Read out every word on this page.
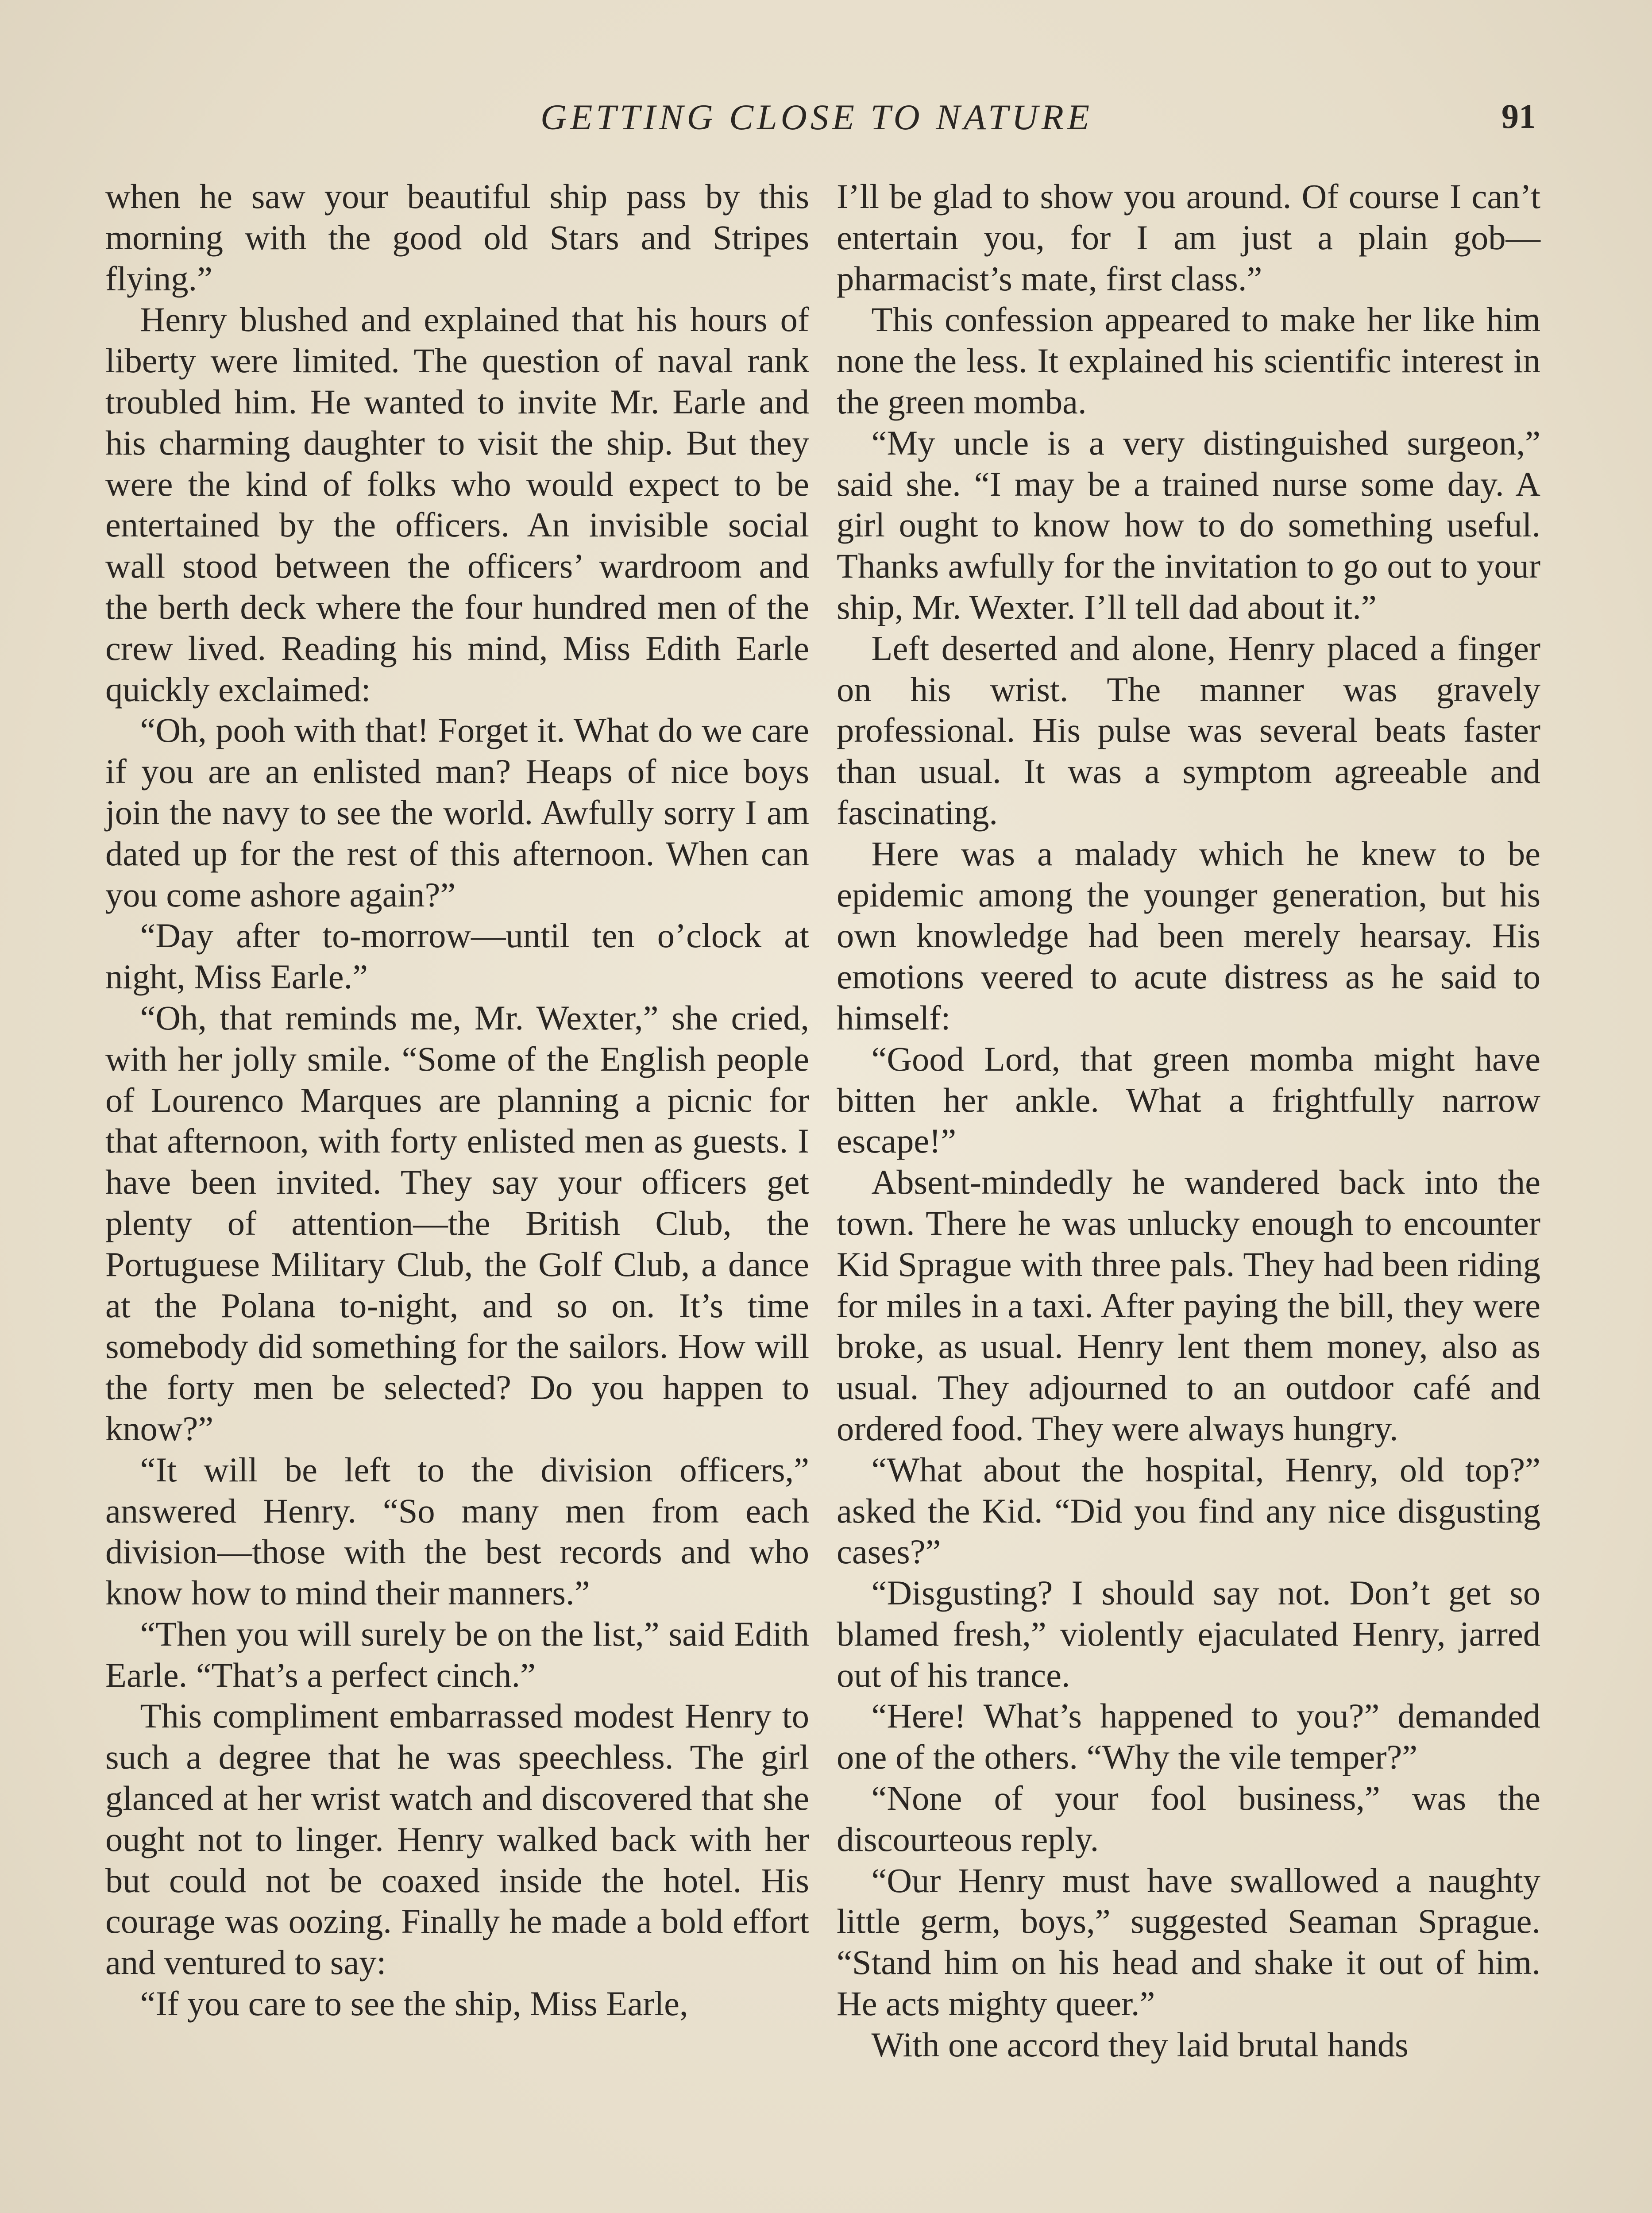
GETTING CLOSE TO NATURE	91

when he saw your beautiful ship pass by this morning with the good old Stars and Stripes flying.”

Henry blushed and explained that his hours of liberty were limited. The question of naval rank troubled him. He wanted to invite Mr. Earle and his charming daughter to visit the ship. But they were the kind of folks who would expect to be entertained by the officers. An invisible social wall stood between the officers’ wardroom and the berth deck where the four hundred men of the crew lived. Reading his mind, Miss Edith Earle quickly exclaimed:

“Oh, pooh with that! Forget it. What do we care if you are an enlisted man? Heaps of nice boys join the navy to see the world. Awfully sorry I am dated up for the rest of this afternoon. When can you come ashore again?”

“Day after to-morrow—until ten o’clock at night, Miss Earle.”

“Oh, that reminds me, Mr. Wexter,” she cried, with her jolly smile. “Some of the English people of Lourenco Marques are planning a picnic for that afternoon, with forty enlisted men as guests. I have been invited. They say your officers get plenty of attention—the British Club, the Portuguese Military Club, the Golf Club, a dance at the Polana to-night, and so on. It’s time somebody did something for the sailors. How will the forty men be selected? Do you happen to know?”

“It will be left to the division officers,” answered Henry. “So many men from each division—those with the best records and who know how to mind their manners.”

“Then you will surely be on the list,” said Edith Earle. “That’s a perfect cinch.”

This compliment embarrassed modest Henry to such a degree that he was speechless. The girl glanced at her wrist watch and discovered that she ought not to linger. Henry walked back with her but could not be coaxed inside the hotel. His courage was oozing. Finally he made a bold effort and ventured to say:

“If you care to see the ship, Miss Earle,

I’ll be glad to show you around. Of course I can’t entertain you, for I am just a plain gob—pharmacist’s mate, first class.”

This confession appeared to make her like him none the less. It explained his scientific interest in the green momba.

“My uncle is a very distinguished surgeon,” said she. “I may be a trained nurse some day. A girl ought to know how to do something useful. Thanks awfully for the invitation to go out to your ship, Mr. Wexter. I’ll tell dad about it.”

Left deserted and alone, Henry placed a finger on his wrist. The manner was gravely professional. His pulse was several beats faster than usual. It was a symptom agreeable and fascinating.

Here was a malady which he knew to be epidemic among the younger generation, but his own knowledge had been merely hearsay. His emotions veered to acute distress as he said to himself:

“Good Lord, that green momba might have bitten her ankle. What a frightfully narrow escape!”

Absent-mindedly he wandered back into the town. There he was unlucky enough to encounter Kid Sprague with three pals. They had been riding for miles in a taxi. After paying the bill, they were broke, as usual. Henry lent them money, also as usual. They adjourned to an outdoor café and ordered food. They were always hungry.

“What about the hospital, Henry, old top?” asked the Kid. “Did you find any nice disgusting cases?”

“Disgusting? I should say not. Don’t get so blamed fresh,” violently ejaculated Henry, jarred out of his trance.

“Here! What’s happened to you?” demanded one of the others. “Why the vile temper?”

“None of your fool business,” was the discourteous reply.

“Our Henry must have swallowed a naughty little germ, boys,” suggested Seaman Sprague. “Stand him on his head and shake it out of him. He acts mighty queer.”

With one accord they laid brutal hands
